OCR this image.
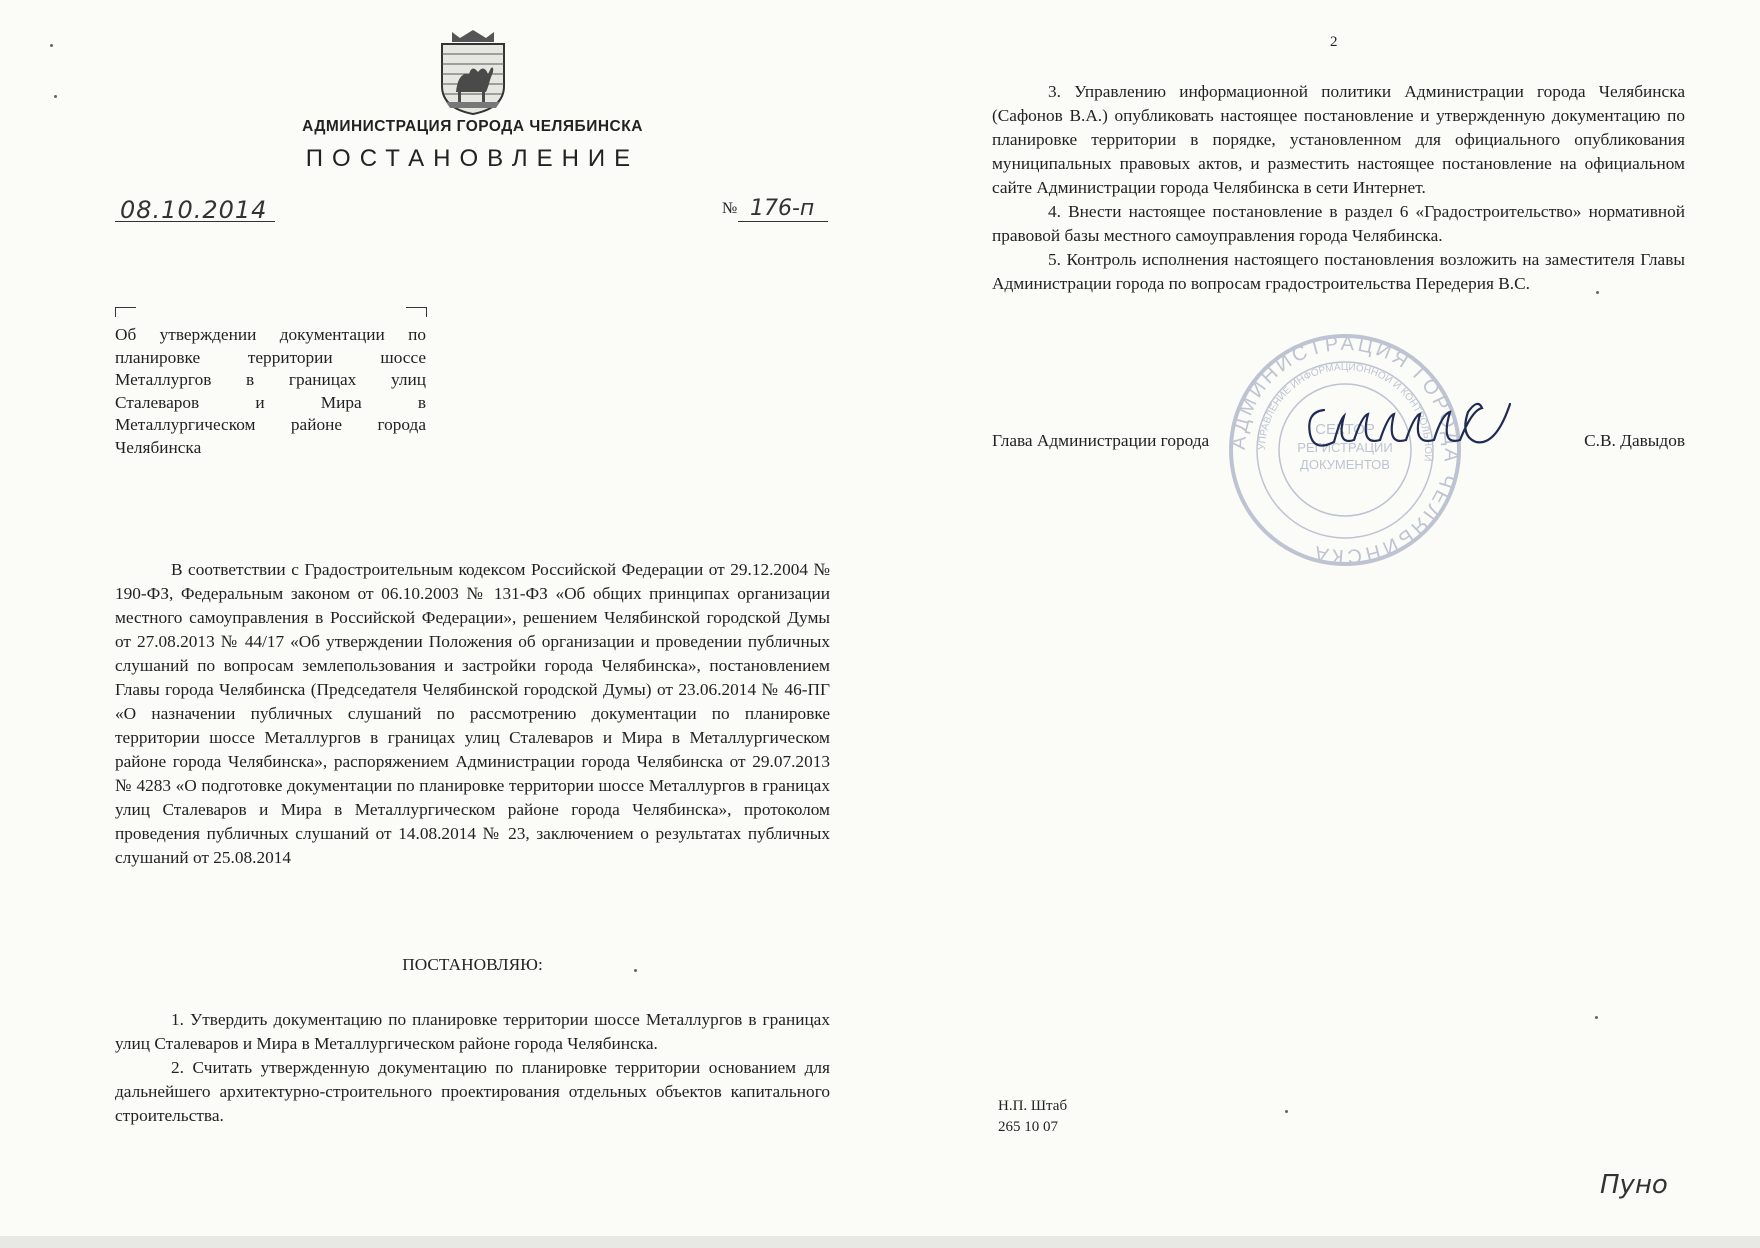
АДМИНИСТРАЦИЯ ГОРОДА ЧЕЛЯБИНСКА
ПОСТАНОВЛЕНИЕ
08.10.2014	№ 176-п
Об утверждении документации по
планировке территории шоссе
Металлургов в границах улиц
Сталеваров и Мира в
Металлургическом районе города
Челябинска
В соответствии с Градостроительным кодексом Российской Федерации от 29.12.2004 № 190-ФЗ, Федеральным законом от 06.10.2003 № 131-ФЗ «Об общих принципах организации местного самоуправления в Российской Федерации», решением Челябинской городской Думы от 27.08.2013 № 44/17 «Об утверждении Положения об организации и проведении публичных слушаний по вопросам землепользования и застройки города Челябинска», постановлением Главы города Челябинска (Председателя Челябинской городской Думы) от 23.06.2014 № 46-ПГ «О назначении публичных слушаний по рассмотрению документации по планировке территории шоссе Металлургов в границах улиц Сталеваров и Мира в Металлургическом районе города Челябинска», распоряжением Администрации города Челябинска от 29.07.2013 № 4283 «О подготовке документации по планировке территории шоссе Металлургов в границах улиц Сталеваров и Мира в Металлургическом районе города Челябинска», протоколом проведения публичных слушаний от 14.08.2014 № 23, заключением о результатах публичных слушаний от 25.08.2014
ПОСТАНОВЛЯЮ:

1. Утвердить документацию по планировке территории шоссе Металлургов в границах улиц Сталеваров и Мира в Металлургическом районе города Челябинска.

2. Считать утвержденную документацию по планировке территории основанием для дальнейшего архитектурно-строительного проектирования отдельных объектов капитального строительства.

2

3. Управлению информационной политики Администрации города Челябинска (Сафонов В.А.) опубликовать настоящее постановление и утвержденную документацию по планировке территории в порядке, установленном для официального опубликования муниципальных правовых актов, и разместить настоящее постановление на официальном сайте Администрации города Челябинска в сети Интернет.

4. Внести настоящее постановление в раздел 6 «Градостроительство» нормативной правовой базы местного самоуправления города Челябинска.

5. Контроль исполнения настоящего постановления возложить на заместителя Главы Администрации города по вопросам градостроительства Передерия В.С.

АДМИНИСТРАЦИЯ ГОРОДА ЧЕЛЯБИНСКА
УПРАВЛЕНИЕ ИНФОРМАЦИОННОЙ И КОНТРОЛЬНОЙ
СЕКТОР
РЕГИСТРАЦИИ
ДОКУМЕНТОВ
Глава Администрации города	С.В. Давыдов
Н.П. Штаб
265 10 07
Пуно
